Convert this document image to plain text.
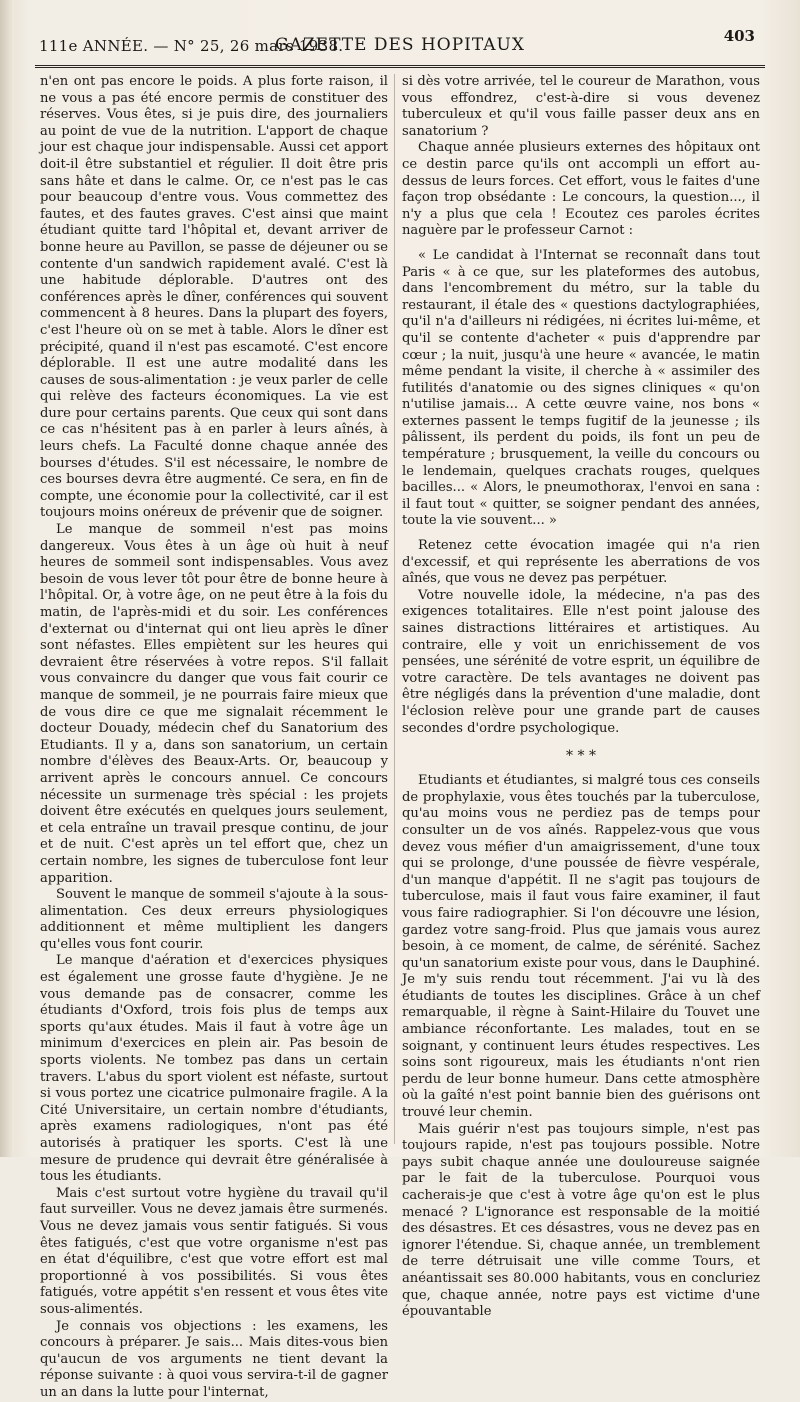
111e ANNÉE. — N° 25, 26 mars 1938.
GAZETTE DES HOPITAUX	403

n'en ont pas encore le poids. A plus forte raison, il ne vous a pas été encore permis de constituer des réserves. Vous êtes, si je puis dire, des journaliers au point de vue de la nutrition. L'apport de chaque jour est chaque jour indispensable. Aussi cet apport doit-il être substantiel et régulier. Il doit être pris sans hâte et dans le calme. Or, ce n'est pas le cas pour beaucoup d'entre vous. Vous commettez des fautes, et des fautes graves. C'est ainsi que maint étudiant quitte tard l'hôpital et, devant arriver de bonne heure au Pavillon, se passe de déjeuner ou se contente d'un sandwich rapidement avalé. C'est là une habitude déplorable. D'autres ont des conférences après le dîner, conférences qui souvent commencent à 8 heures. Dans la plupart des foyers, c'est l'heure où on se met à table. Alors le dîner est précipité, quand il n'est pas escamoté. C'est encore déplorable. Il est une autre modalité dans les causes de sous-alimentation : je veux parler de celle qui relève des facteurs économiques. La vie est dure pour certains parents. Que ceux qui sont dans ce cas n'hésitent pas à en parler à leurs aînés, à leurs chefs. La Faculté donne chaque année des bourses d'études. S'il est nécessaire, le nombre de ces bourses devra être augmenté. Ce sera, en fin de compte, une économie pour la collectivité, car il est toujours moins onéreux de prévenir que de soigner.

Le manque de sommeil n'est pas moins dangereux. Vous êtes à un âge où huit à neuf heures de sommeil sont indispensables. Vous avez besoin de vous lever tôt pour être de bonne heure à l'hôpital. Or, à votre âge, on ne peut être à la fois du matin, de l'après-midi et du soir. Les conférences d'externat ou d'internat qui ont lieu après le dîner sont néfastes. Elles empiètent sur les heures qui devraient être réservées à votre repos. S'il fallait vous convaincre du danger que vous fait courir ce manque de sommeil, je ne pourrais faire mieux que de vous dire ce que me signalait récemment le docteur Douady, médecin chef du Sanatorium des Etudiants. Il y a, dans son sanatorium, un certain nombre d'élèves des Beaux-Arts. Or, beaucoup y arrivent après le concours annuel. Ce concours nécessite un surmenage très spécial : les projets doivent être exécutés en quelques jours seulement, et cela entraîne un travail presque continu, de jour et de nuit. C'est après un tel effort que, chez un certain nombre, les signes de tuberculose font leur apparition.

Souvent le manque de sommeil s'ajoute à la sous-alimentation. Ces deux erreurs physiologiques additionnent et même multiplient les dangers qu'elles vous font courir.

Le manque d'aération et d'exercices physiques est également une grosse faute d'hygiène. Je ne vous demande pas de consacrer, comme les étudiants d'Oxford, trois fois plus de temps aux sports qu'aux études. Mais il faut à votre âge un minimum d'exercices en plein air. Pas besoin de sports violents. Ne tombez pas dans un certain travers. L'abus du sport violent est néfaste, surtout si vous portez une cicatrice pulmonaire fragile. A la Cité Universitaire, un certain nombre d'étudiants, après examens radiologiques, n'ont pas été autorisés à pratiquer les sports. C'est là une mesure de prudence qui devrait être généralisée à tous les étudiants.

Mais c'est surtout votre hygiène du travail qu'il faut surveiller. Vous ne devez jamais être surmenés. Vous ne devez jamais vous sentir fatigués. Si vous êtes fatigués, c'est que votre organisme n'est pas en état d'équilibre, c'est que votre effort est mal proportionné à vos possibilités. Si vous êtes fatigués, votre appétit s'en ressent et vous êtes vite sous-alimentés.

Je connais vos objections : les examens, les concours à préparer. Je sais... Mais dites-vous bien qu'aucun de vos arguments ne tient devant la réponse suivante : à quoi vous servira-t-il de gagner un an dans la lutte pour l'internat,

si dès votre arrivée, tel le coureur de Marathon, vous vous effondrez, c'est-à-dire si vous devenez tuberculeux et qu'il vous faille passer deux ans en sanatorium ?

Chaque année plusieurs externes des hôpitaux ont ce destin parce qu'ils ont accompli un effort au-dessus de leurs forces. Cet effort, vous le faites d'une façon trop obsédante : Le concours, la question..., il n'y a plus que cela ! Ecoutez ces paroles écrites naguère par le professeur Carnot :

« Le candidat à l'Internat se reconnaît dans tout Paris « à ce que, sur les plateformes des autobus, dans l'encombrement du métro, sur la table du restaurant, il étale des « questions dactylographiées, qu'il n'a d'ailleurs ni rédigées, ni écrites lui-même, et qu'il se contente d'acheter « puis d'apprendre par cœur ; la nuit, jusqu'à une heure « avancée, le matin même pendant la visite, il cherche à « assimiler des futilités d'anatomie ou des signes cliniques « qu'on n'utilise jamais... A cette œuvre vaine, nos bons « externes passent le temps fugitif de la jeunesse ; ils pâlissent, ils perdent du poids, ils font un peu de température ; brusquement, la veille du concours ou le lendemain, quelques crachats rouges, quelques bacilles... « Alors, le pneumothorax, l'envoi en sana : il faut tout « quitter, se soigner pendant des années, toute la vie souvent... »

Retenez cette évocation imagée qui n'a rien d'excessif, et qui représente les aberrations de vos aînés, que vous ne devez pas perpétuer.

Votre nouvelle idole, la médecine, n'a pas des exigences totalitaires. Elle n'est point jalouse des saines distractions littéraires et artistiques. Au contraire, elle y voit un enrichissement de vos pensées, une sérénité de votre esprit, un équilibre de votre caractère. De tels avantages ne doivent pas être négligés dans la prévention d'une maladie, dont l'éclosion relève pour une grande part de causes secondes d'ordre psychologique.

* * *

Etudiants et étudiantes, si malgré tous ces conseils de prophylaxie, vous êtes touchés par la tuberculose, qu'au moins vous ne perdiez pas de temps pour consulter un de vos aînés. Rappelez-vous que vous devez vous méfier d'un amaigrissement, d'une toux qui se prolonge, d'une poussée de fièvre vespérale, d'un manque d'appétit. Il ne s'agit pas toujours de tuberculose, mais il faut vous faire examiner, il faut vous faire radiographier. Si l'on découvre une lésion, gardez votre sang-froid. Plus que jamais vous aurez besoin, à ce moment, de calme, de sérénité. Sachez qu'un sanatorium existe pour vous, dans le Dauphiné. Je m'y suis rendu tout récemment. J'ai vu là des étudiants de toutes les disciplines. Grâce à un chef remarquable, il règne à Saint-Hilaire du Touvet une ambiance réconfortante. Les malades, tout en se soignant, y continuent leurs études respectives. Les soins sont rigoureux, mais les étudiants n'ont rien perdu de leur bonne humeur. Dans cette atmosphère où la gaîté n'est point bannie bien des guérisons ont trouvé leur chemin.

Mais guérir n'est pas toujours simple, n'est pas toujours rapide, n'est pas toujours possible. Notre pays subit chaque année une douloureuse saignée par le fait de la tuberculose. Pourquoi vous cacherais-je que c'est à votre âge qu'on est le plus menacé ? L'ignorance est responsable de la moitié des désastres. Et ces désastres, vous ne devez pas en ignorer l'étendue. Si, chaque année, un tremblement de terre détruisait une ville comme Tours, et anéantissait ses 80.000 habitants, vous en concluriez que, chaque année, notre pays est victime d'une épouvantable
